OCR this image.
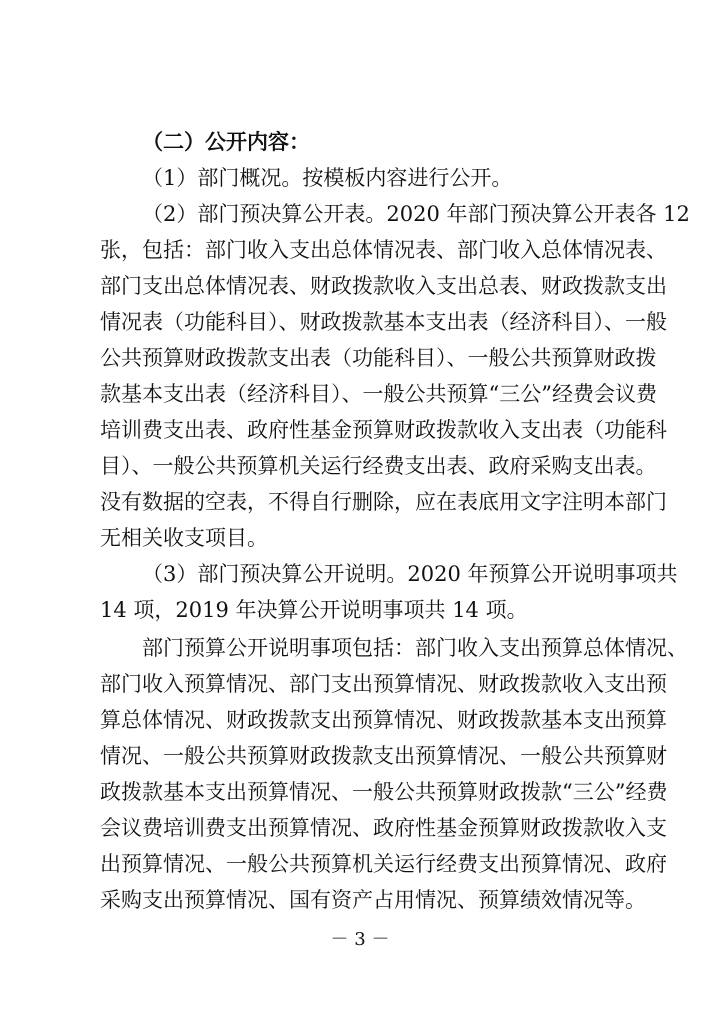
（二）公开内容：
（1）部门概况。按模板内容进行公开。
（2）部门预决算公开表。2020 年部门预决算公开表各 12
张，包括：部门收入支出总体情况表、部门收入总体情况表、
部门支出总体情况表、财政拨款收入支出总表、财政拨款支出
情况表（功能科目）、财政拨款基本支出表（经济科目）、一般
公共预算财政拨款支出表（功能科目）、一般公共预算财政拨
款基本支出表（经济科目）、一般公共预算“三公”经费会议费
培训费支出表、政府性基金预算财政拨款收入支出表（功能科
目）、一般公共预算机关运行经费支出表、政府采购支出表。
没有数据的空表，不得自行删除，应在表底用文字注明本部门
无相关收支项目。
（3）部门预决算公开说明。2020 年预算公开说明事项共
14 项，2019 年决算公开说明事项共 14 项。
部门预算公开说明事项包括：部门收入支出预算总体情况、
部门收入预算情况、部门支出预算情况、财政拨款收入支出预
算总体情况、财政拨款支出预算情况、财政拨款基本支出预算
情况、一般公共预算财政拨款支出预算情况、一般公共预算财
政拨款基本支出预算情况、一般公共预算财政拨款“三公”经费
会议费培训费支出预算情况、政府性基金预算财政拨款收入支
出预算情况、一般公共预算机关运行经费支出预算情况、政府
采购支出预算情况、国有资产占用情况、预算绩效情况等。
－ 3 －
